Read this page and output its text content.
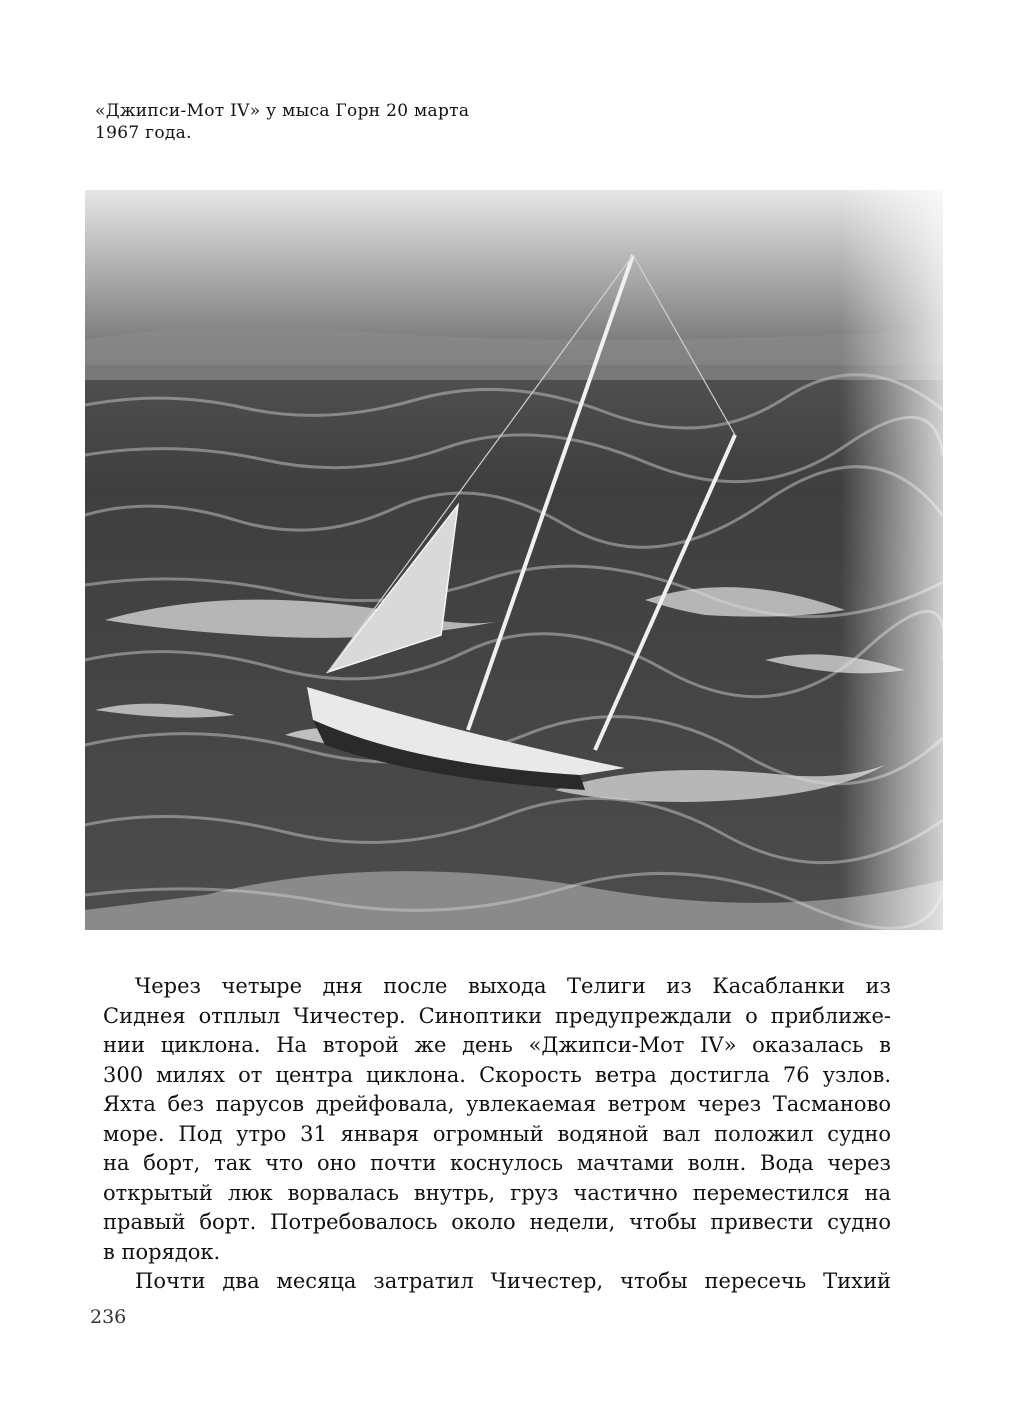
«Джипси-Мот IV» у мыса Горн 20 марта
1967 года.
Через четыре дня после выхода Телиги из Касабланки из
Сиднея отплыл Чичестер. Синоптики предупреждали о приближе-
нии циклона. На второй же день «Джипси-Мот IV» оказалась в
300 милях от центра циклона. Скорость ветра достигла 76 узлов.
Яхта без парусов дрейфовала, увлекаемая ветром через Тасманово
море. Под утро 31 января огромный водяной вал положил судно
на борт, так что оно почти коснулось мачтами волн. Вода через
открытый люк ворвалась внутрь, груз частично переместился на
правый борт. Потребовалось около недели, чтобы привести судно
в порядок.
Почти два месяца затратил Чичестер, чтобы пересечь Тихий
236
